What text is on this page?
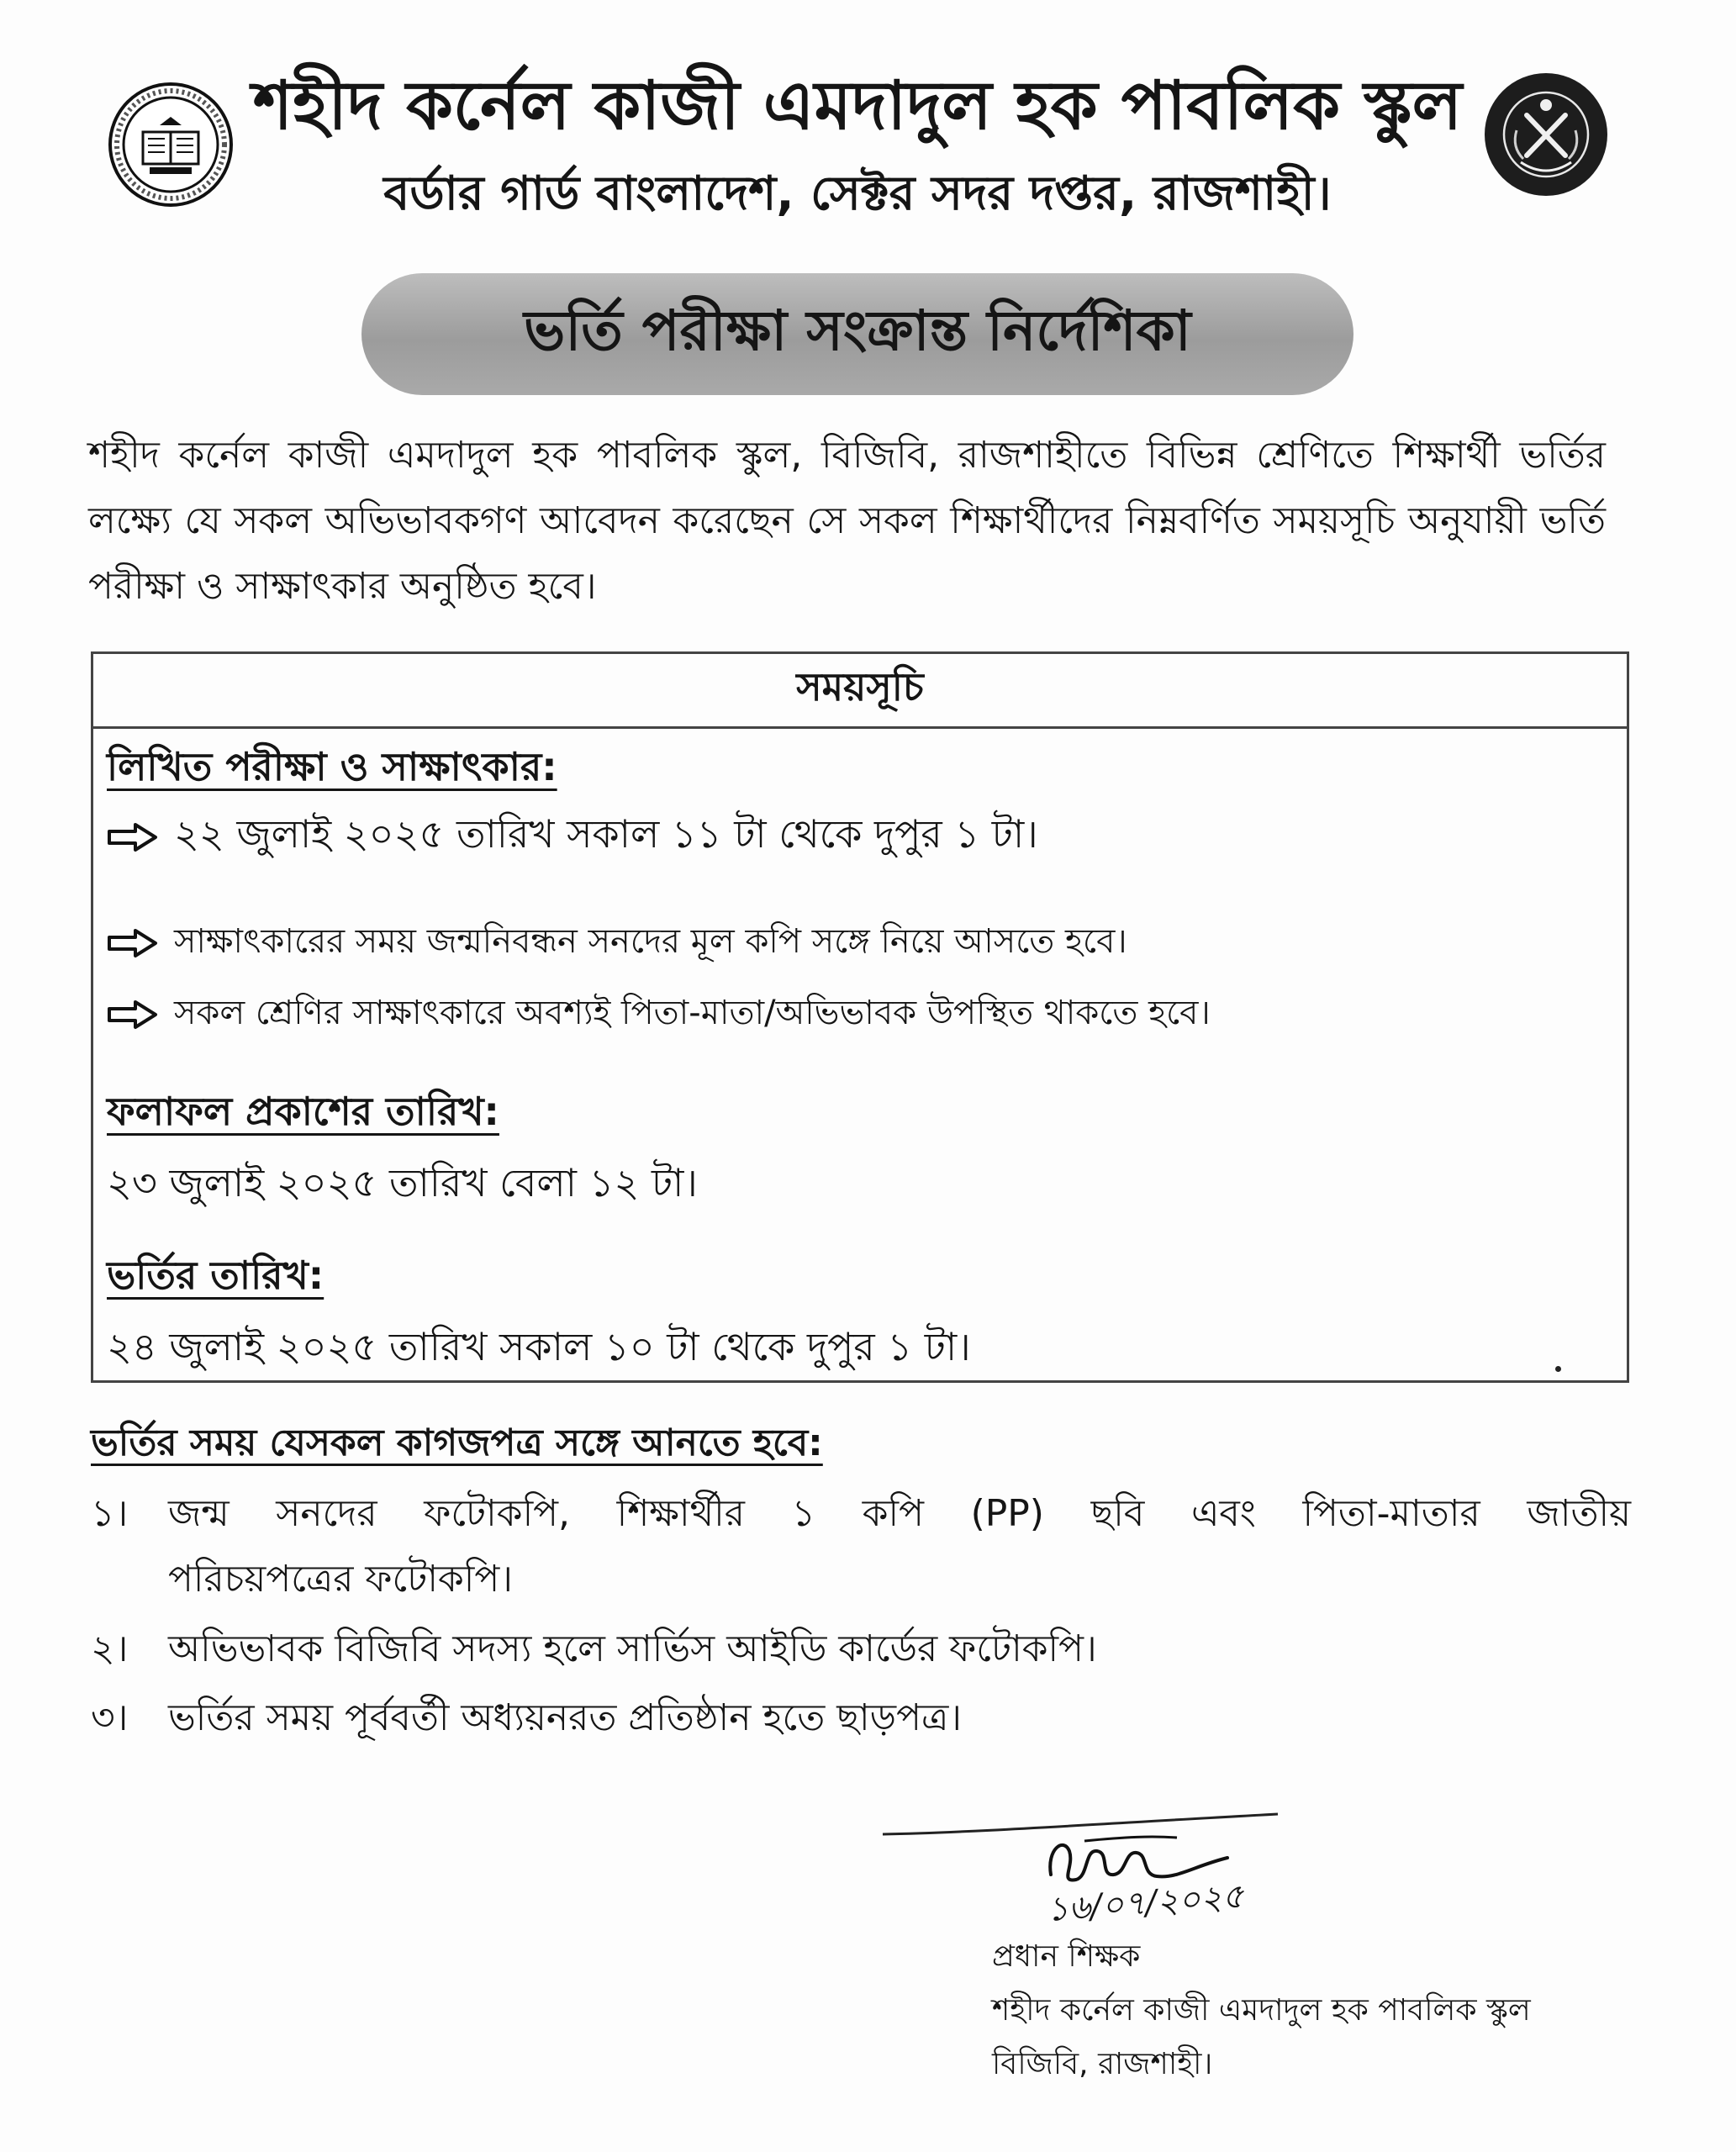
শহীদ কর্নেল কাজী এমদাদুল হক পাবলিক স্কুল
বর্ডার গার্ড বাংলাদেশ, সেক্টর সদর দপ্তর, রাজশাহী।
ভর্তি পরীক্ষা সংক্রান্ত নির্দেশিকা

শহীদ কর্নেল কাজী এমদাদুল হক পাবলিক স্কুল, বিজিবি, রাজশাহীতে বিভিন্ন শ্রেণিতে শিক্ষার্থী ভর্তির লক্ষ্যে যে সকল অভিভাবকগণ আবেদন করেছেন সে সকল শিক্ষার্থীদের নিম্নবর্ণিত সময়সূচি অনুযায়ী ভর্তি পরীক্ষা ও সাক্ষাৎকার অনুষ্ঠিত হবে।

সময়সূচি
লিখিত পরীক্ষা ও সাক্ষাৎকার:
২২ জুলাই ২০২৫ তারিখ সকাল ১১ টা থেকে দুপুর ১ টা।
সাক্ষাৎকারের সময় জন্মনিবন্ধন সনদের মূল কপি সঙ্গে নিয়ে আসতে হবে।
সকল শ্রেণির সাক্ষাৎকারে অবশ্যই পিতা-মাতা/অভিভাবক উপস্থিত থাকতে হবে।
ফলাফল প্রকাশের তারিখ:
২৩ জুলাই ২০২৫ তারিখ বেলা ১২ টা।
ভর্তির তারিখ:
২৪ জুলাই ২০২৫ তারিখ সকাল ১০ টা থেকে দুপুর ১ টা।
ভর্তির সময় যেসকল কাগজপত্র সঙ্গে আনতে হবে:
১। জন্ম সনদের ফটোকপি, শিক্ষার্থীর ১ কপি (PP) ছবি এবং পিতা-মাতার জাতীয়
পরিচয়পত্রের ফটোকপি।
২। অভিভাবক বিজিবি সদস্য হলে সার্ভিস আইডি কার্ডের ফটোকপি।
৩। ভর্তির সময় পূর্ববর্তী অধ্যয়নরত প্রতিষ্ঠান হতে ছাড়পত্র।
১৬/০৭/২০২৫
প্রধান শিক্ষক
শহীদ কর্নেল কাজী এমদাদুল হক পাবলিক স্কুল
বিজিবি, রাজশাহী।
